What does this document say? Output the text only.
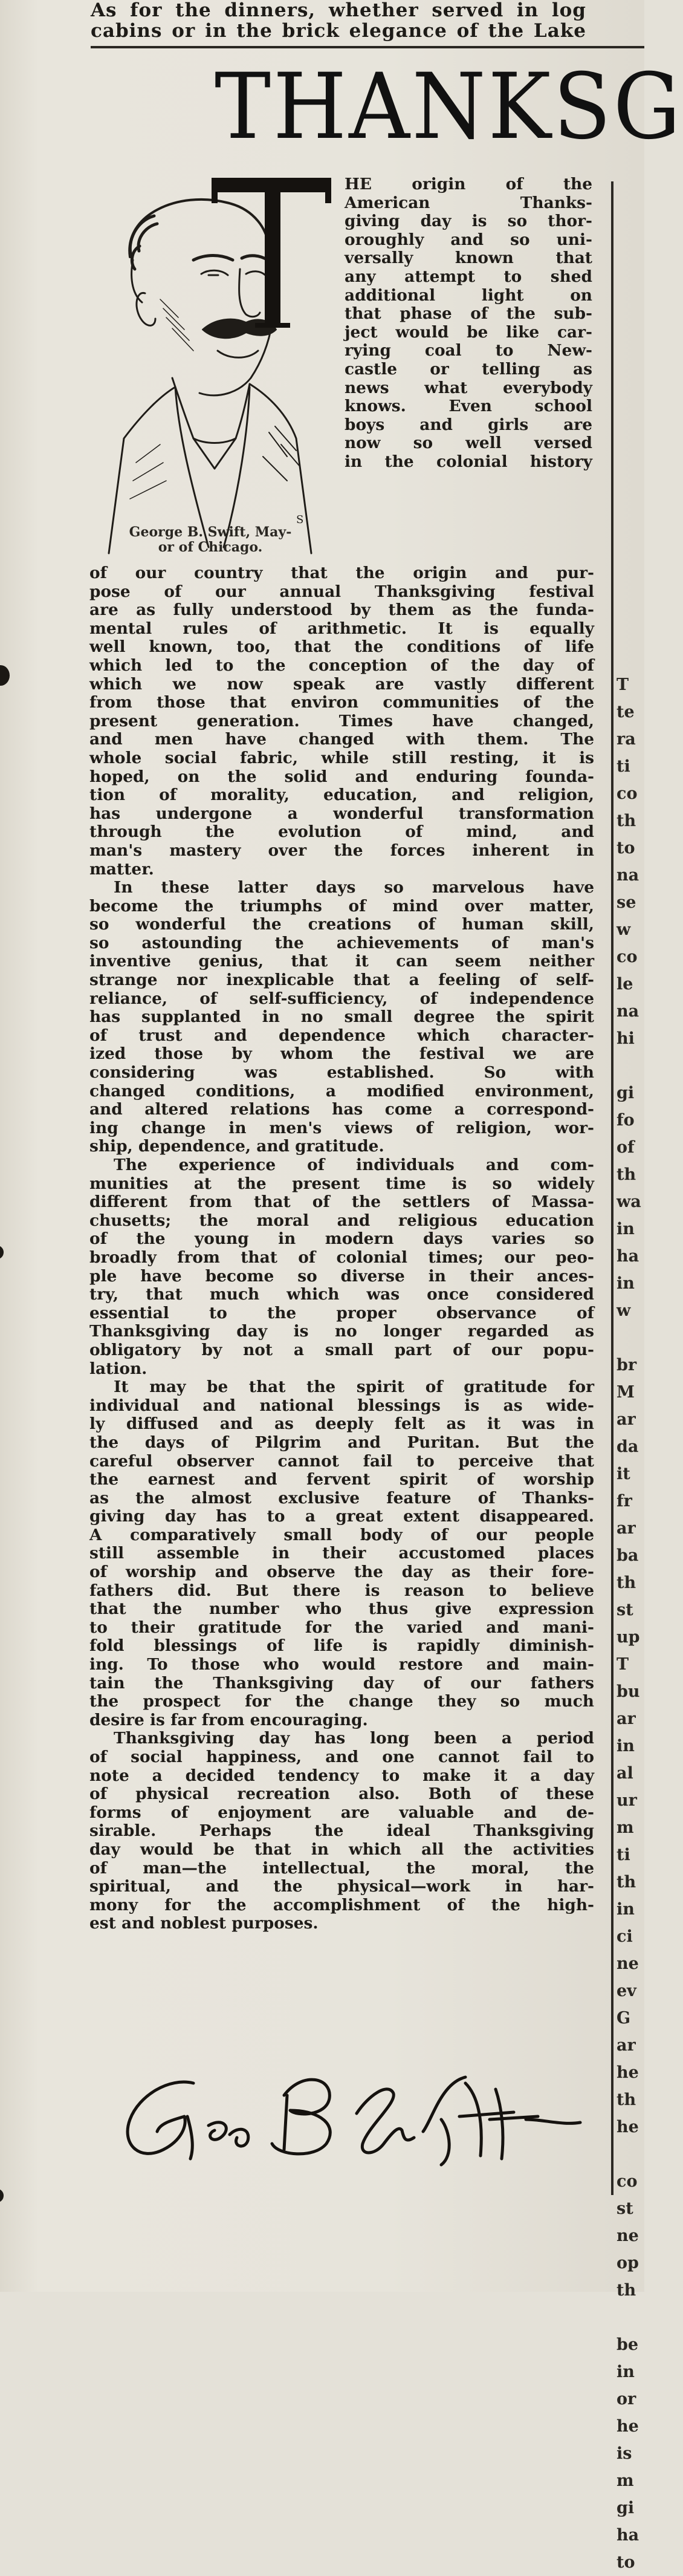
As for the dinners, whether served in log
cabins or in the brick elegance of the Lake
THANKSG
S
George B. Swift, May-
or of Chicago.
HE origin of the
American Thanks-
giving day is so thor-
oroughly and so uni-
versally known that
any attempt to shed
additional light on
that phase of the sub-
ject would be like car-
rying coal to New-
castle or telling as
news what everybody
knows. Even school
boys and girls are
now so well versed
in the colonial history
of our country that the origin and pur-
pose of our annual Thanksgiving festival
are as fully understood by them as the funda-
mental rules of arithmetic. It is equally
well known, too, that the conditions of life
which led to the conception of the day of
which we now speak are vastly different
from those that environ communities of the
present generation. Times have changed,
and men have changed with them. The
whole social fabric, while still resting, it is
hoped, on the solid and enduring founda-
tion of morality, education, and religion,
has undergone a wonderful transformation
through the evolution of mind, and
man's mastery over the forces inherent in
matter.
In these latter days so marvelous have
become the triumphs of mind over matter,
so wonderful the creations of human skill,
so astounding the achievements of man's
inventive genius, that it can seem neither
strange nor inexplicable that a feeling of self-
reliance, of self-sufficiency, of independence
has supplanted in no small degree the spirit
of trust and dependence which character-
ized those by whom the festival we are
considering was established. So with
changed conditions, a modified environment,
and altered relations has come a correspond-
ing change in men's views of religion, wor-
ship, dependence, and gratitude.
The experience of individuals and com-
munities at the present time is so widely
different from that of the settlers of Massa-
chusetts; the moral and religious education
of the young in modern days varies so
broadly from that of colonial times; our peo-
ple have become so diverse in their ances-
try, that much which was once considered
essential to the proper observance of
Thanksgiving day is no longer regarded as
obligatory by not a small part of our popu-
lation.
It may be that the spirit of gratitude for
individual and national blessings is as wide-
ly diffused and as deeply felt as it was in
the days of Pilgrim and Puritan. But the
careful observer cannot fail to perceive that
the earnest and fervent spirit of worship
as the almost exclusive feature of Thanks-
giving day has to a great extent disappeared.
A comparatively small body of our people
still assemble in their accustomed places
of worship and observe the day as their fore-
fathers did. But there is reason to believe
that the number who thus give expression
to their gratitude for the varied and mani-
fold blessings of life is rapidly diminish-
ing. To those who would restore and main-
tain the Thanksgiving day of our fathers
the prospect for the change they so much
desire is far from encouraging.
Thanksgiving day has long been a period
of social happiness, and one cannot fail to
note a decided tendency to make it a day
of physical recreation also. Both of these
forms of enjoyment are valuable and de-
sirable. Perhaps the ideal Thanksgiving
day would be that in which all the activities
of man—the intellectual, the moral, the
spiritual, and the physical—work in har-
mony for the accomplishment of the high-
est and noblest purposes.
Geo B Swift
T
te
ra
ti
co
th
to
na
se
w
co
le
na
hi
gi
fo
of
th
wa
in
ha
in
w
br
M
ar
da
it
fr
ar
ba
th
st
up
T
bu
ar
in
al
ur
m
ti
th
in
ci
ne
ev
G
ar
he
th
he
co
st
ne
op
th
be
in
or
he
is
m
gi
ha
to
